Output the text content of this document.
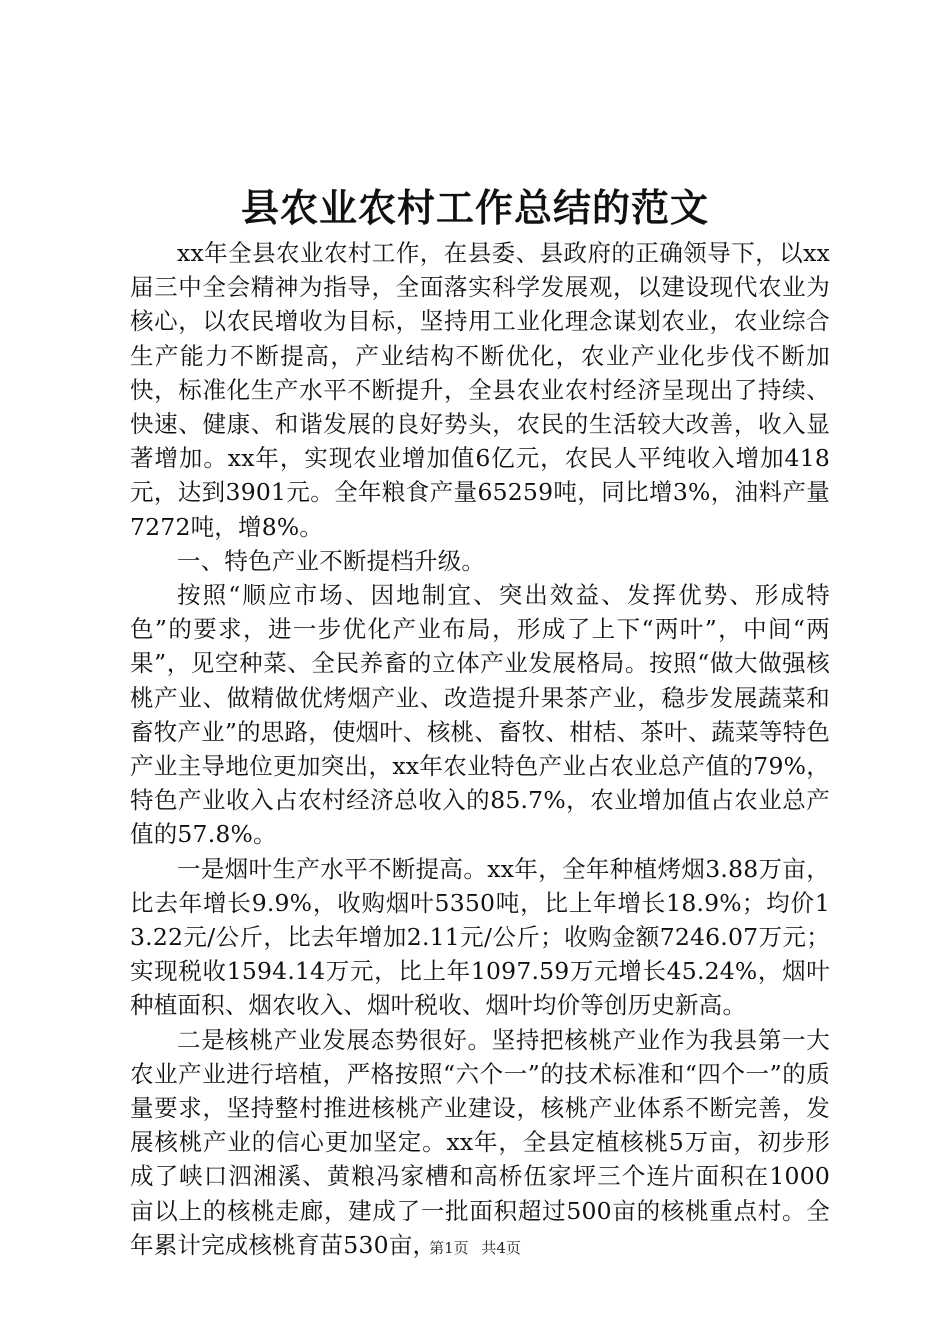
县农业农村工作总结的范文

xx年全县农业农村工作，在县委、县政府的正确领导下，以xx届三中全会精神为指导，全面落实科学发展观，以建设现代农业为核心，以农民增收为目标，坚持用工业化理念谋划农业，农业综合生产能力不断提高，产业结构不断优化，农业产业化步伐不断加快，标准化生产水平不断提升，全县农业农村经济呈现出了持续、快速、健康、和谐发展的良好势头，农民的生活较大改善，收入显著增加。xx年，实现农业增加值6亿元，农民人平纯收入增加418元，达到3901元。全年粮食产量65259吨，同比增3%，油料产量7272吨，增8%。

一、特色产业不断提档升级。

按照“顺应市场、因地制宜、突出效益、发挥优势、形成特色”的要求，进一步优化产业布局，形成了上下“两叶”，中间“两果”，见空种菜、全民养畜的立体产业发展格局。按照“做大做强核桃产业、做精做优烤烟产业、改造提升果茶产业，稳步发展蔬菜和畜牧产业”的思路，使烟叶、核桃、畜牧、柑桔、茶叶、蔬菜等特色产业主导地位更加突出，xx年农业特色产业占农业总产值的79%，特色产业收入占农村经济总收入的85.7%，农业增加值占农业总产值的57.8%。

一是烟叶生产水平不断提高。xx年，全年种植烤烟3.88万亩，比去年增长9.9%，收购烟叶5350吨，比上年增长18.9%；均价13.22元/公斤，比去年增加2.11元/公斤；收购金额7246.07万元；实现税收1594.14万元，比上年1097.59万元增长45.24%，烟叶种植面积、烟农收入、烟叶税收、烟叶均价等创历史新高。

二是核桃产业发展态势很好。坚持把核桃产业作为我县第一大农业产业进行培植，严格按照“六个一”的技术标准和“四个一”的质量要求，坚持整村推进核桃产业建设，核桃产业体系不断完善，发展核桃产业的信心更加坚定。xx年，全县定植核桃5万亩，初步形成了峡口泗湘溪、黄粮冯家槽和高桥伍家坪三个连片面积在1000亩以上的核桃走廊，建成了一批面积超过500亩的核桃重点村。全年累计完成核桃育苗530亩，

第1页 共4页
